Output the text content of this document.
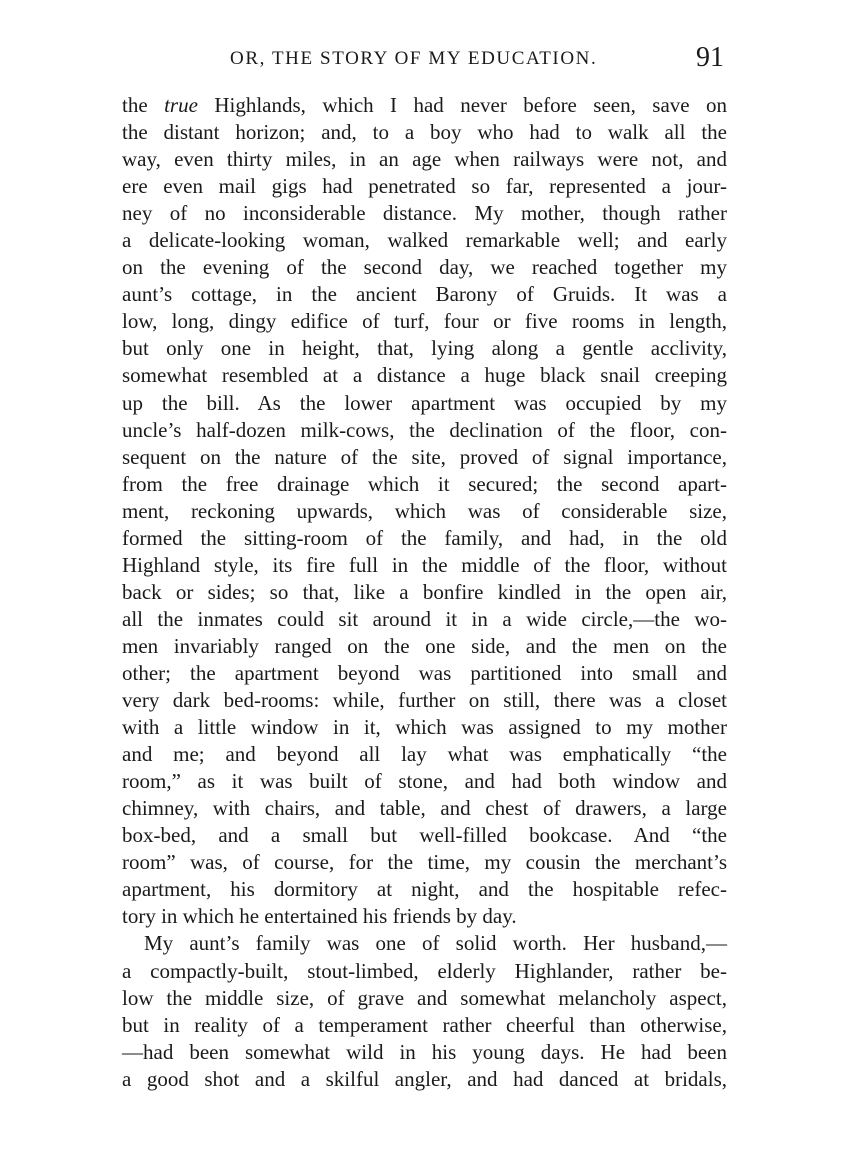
OR, THE STORY OF MY EDUCATION.	91
the true Highlands, which I had never before seen, save on
the distant horizon; and, to a boy who had to walk all the
way, even thirty miles, in an age when railways were not, and
ere even mail gigs had penetrated so far, represented a jour-
ney of no inconsiderable distance. My mother, though rather
a delicate-looking woman, walked remarkable well; and early
on the evening of the second day, we reached together my
aunt’s cottage, in the ancient Barony of Gruids. It was a
low, long, dingy edifice of turf, four or five rooms in length,
but only one in height, that, lying along a gentle acclivity,
somewhat resembled at a distance a huge black snail creeping
up the bill. As the lower apartment was occupied by my
uncle’s half-dozen milk-cows, the declination of the floor, con-
sequent on the nature of the site, proved of signal importance,
from the free drainage which it secured; the second apart-
ment, reckoning upwards, which was of considerable size,
formed the sitting-room of the family, and had, in the old
Highland style, its fire full in the middle of the floor, without
back or sides; so that, like a bonfire kindled in the open air,
all the inmates could sit around it in a wide circle,—the wo-
men invariably ranged on the one side, and the men on the
other; the apartment beyond was partitioned into small and
very dark bed-rooms: while, further on still, there was a closet
with a little window in it, which was assigned to my mother
and me; and beyond all lay what was emphatically “the
room,” as it was built of stone, and had both window and
chimney, with chairs, and table, and chest of drawers, a large
box-bed, and a small but well-filled bookcase. And “the
room” was, of course, for the time, my cousin the merchant’s
apartment, his dormitory at night, and the hospitable refec-
tory in which he entertained his friends by day.
My aunt’s family was one of solid worth. Her husband,—
a compactly-built, stout-limbed, elderly Highlander, rather be-
low the middle size, of grave and somewhat melancholy aspect,
but in reality of a temperament rather cheerful than otherwise,
—had been somewhat wild in his young days. He had been
a good shot and a skilful angler, and had danced at bridals,
